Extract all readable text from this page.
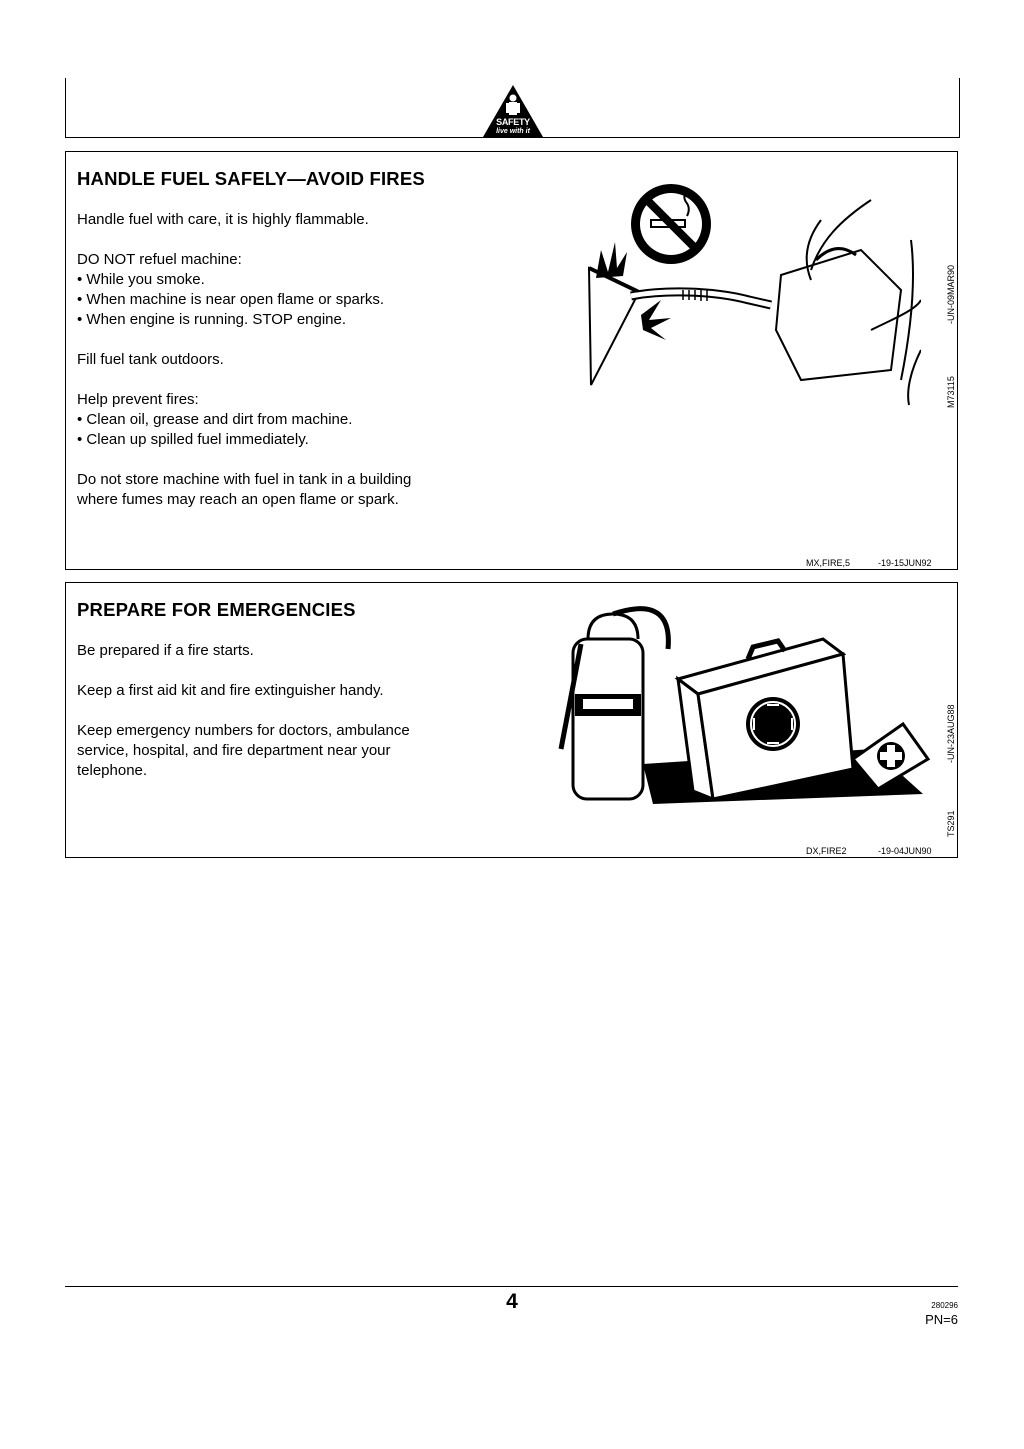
SAFETY
live with it
HANDLE FUEL SAFELY—AVOID FIRES
Handle fuel with care, it is highly flammable.
DO NOT refuel machine:
• While you smoke.
• When machine is near open flame or sparks.
• When engine is running. STOP engine.
Fill fuel tank outdoors.
Help prevent fires:
• Clean oil, grease and dirt from machine.
• Clean up spilled fuel immediately.
Do not store machine with fuel in tank in a building
where fumes may reach an open flame or spark.
-UN-09MAR90
M73115
MX,FIRE,5	-19-15JUN92
PREPARE FOR EMERGENCIES
Be prepared if a fire starts.
Keep a first aid kit and fire extinguisher handy.
Keep emergency numbers for doctors, ambulance
service, hospital, and fire department near your
telephone.
-UN-23AUG88
TS291
DX,FIRE2	-19-04JUN90
4	280296
PN=6
